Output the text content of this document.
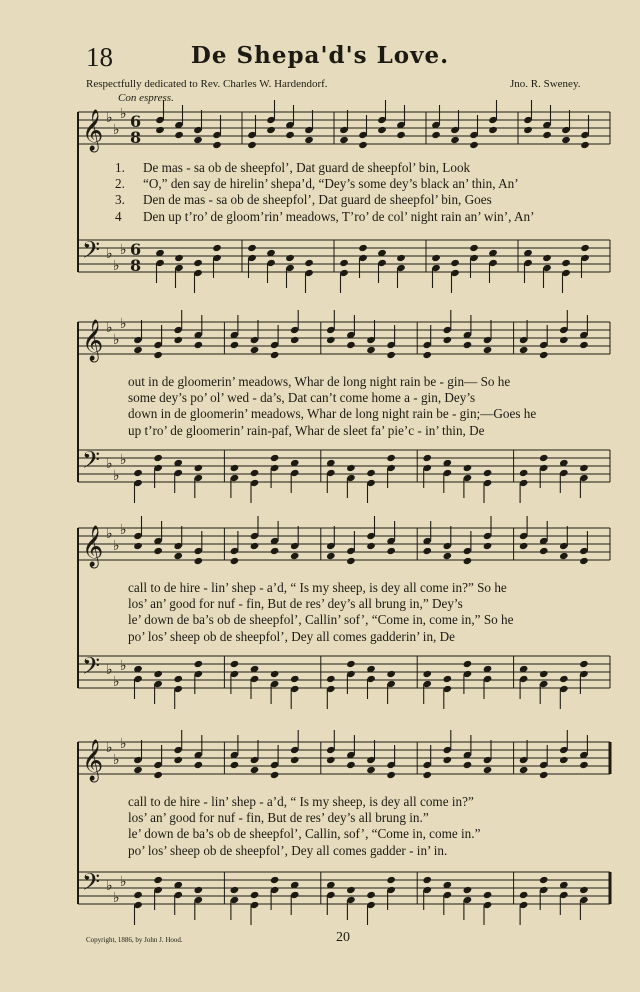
𝄞 ♭
♭
♭ 6
8
𝄢 ♭
♭
♭ 6
8
𝄞 ♭
♭
♭
𝄢 ♭
♭
♭
𝄞 ♭
♭
♭
𝄢 ♭
♭
♭
𝄞 ♭
♭
♭
𝄢 ♭
♭
♭
18	De Shepa'd's Love.
Respectfully dedicated to Rev. Charles W. Hardendorf.	Jno. R. Sweney.
Con espress.
1.	De mas - sa ob de sheepfol’, Dat guard de sheepfol’ bin, Look
2.	“O,” den say de hirelin’ shepa’d, “Dey’s some dey’s black an’ thin, An’
3.	Den de mas - sa ob de sheepfol’, Dat guard de sheepfol’ bin, Goes
4	Den up t’ro’ de gloom’rin’ meadows, T’ro’ de col’ night rain an’ win’, An’
out in de gloomerin’ meadows, Whar de long night rain be - gin— So he
some dey’s po’ ol’ wed - da’s, Dat can’t come home a - gin, Dey’s
down in de gloomerin’ meadows, Whar de long night rain be - gin;—Goes he
up t’ro’ de gloomerin’ rain-paf, Whar de sleet fa’ pie’c - in’ thin, De
call to de hire - lin’ shep - a’d, “ Is my sheep, is dey all come in?” So he
los’ an’ good for nuf - fin, But de res’ dey’s all brung in,” Dey’s
le’ down de ba’s ob de sheepfol’, Callin’ sof’, “Come in, come in,” So he
po’ los’ sheep ob de sheepfol’, Dey all comes gadderin’ in, De
call to de hire - lin’ shep - a’d, “ Is my sheep, is dey all come in?”
los’ an’ good for nuf - fin, But de res’ dey’s all brung in.”
le’ down de ba’s ob de sheepfol’, Callin, sof’, “Come in, come in.”
po’ los’ sheep ob de sheepfol’, Dey all comes gadder - in’ in.
Copyright, 1886, by John J. Hood.	20
